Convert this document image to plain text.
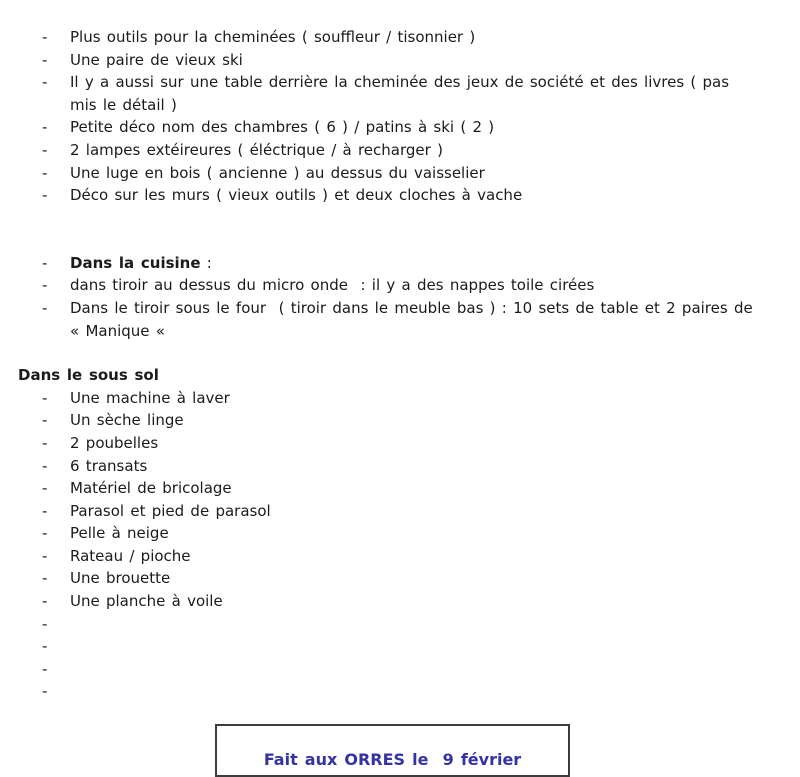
-	Plus outils pour la cheminées ( souffleur / tisonnier )
-	Une paire de vieux ski
-	Il y a aussi sur une table derrière la cheminée des jeux de société et des livres ( pas mis le détail )
-	Petite déco nom des chambres ( 6 ) / patins à ski ( 2 )
-	2 lampes extéireures ( éléctrique / à recharger )
-	Une luge en bois ( ancienne ) au dessus du vaisselier
-	Déco sur les murs ( vieux outils ) et deux cloches à vache
-	Dans la cuisine :
-	dans tiroir au dessus du micro onde  : il y a des nappes toile cirées
-	Dans le tiroir sous le four  ( tiroir dans le meuble bas ) : 10 sets de table et 2 paires de « Manique «
Dans le sous sol
-	Une machine à laver
-	Un sèche linge
-	2 poubelles
-	6 transats
-	Matériel de bricolage
-	Parasol et pied de parasol
-	Pelle à neige
-	Rateau / pioche
-	Une brouette
-	Une planche à voile
-
-
-
-
Fait aux ORRES le  9 février
